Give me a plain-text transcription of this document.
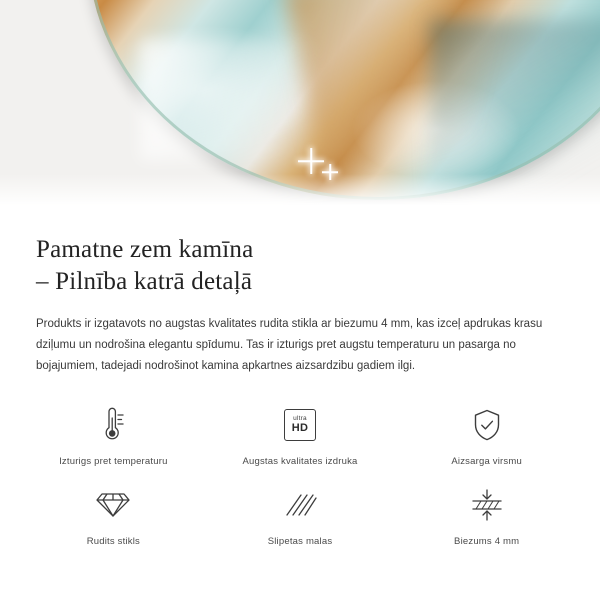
Pamatne zem kamīna
– Pilnība katrā detaļā

Produkts ir izgatavots no augstas kvalitates rudita stikla ar biezumu 4 mm, kas izceļ apdrukas krasu dziļumu un nodrošina elegantu spīdumu. Tas ir izturigs pret augstu temperaturu un pasarga no bojajumiem, tadejadi nodrošinot kamina apkartnes aizsardzibu gadiem ilgi.

Izturigs pret temperaturu
ultra
HD
Augstas kvalitates izdruka	Aizsarga virsmu
Rudits stikls	Slipetas malas	Biezums 4 mm
